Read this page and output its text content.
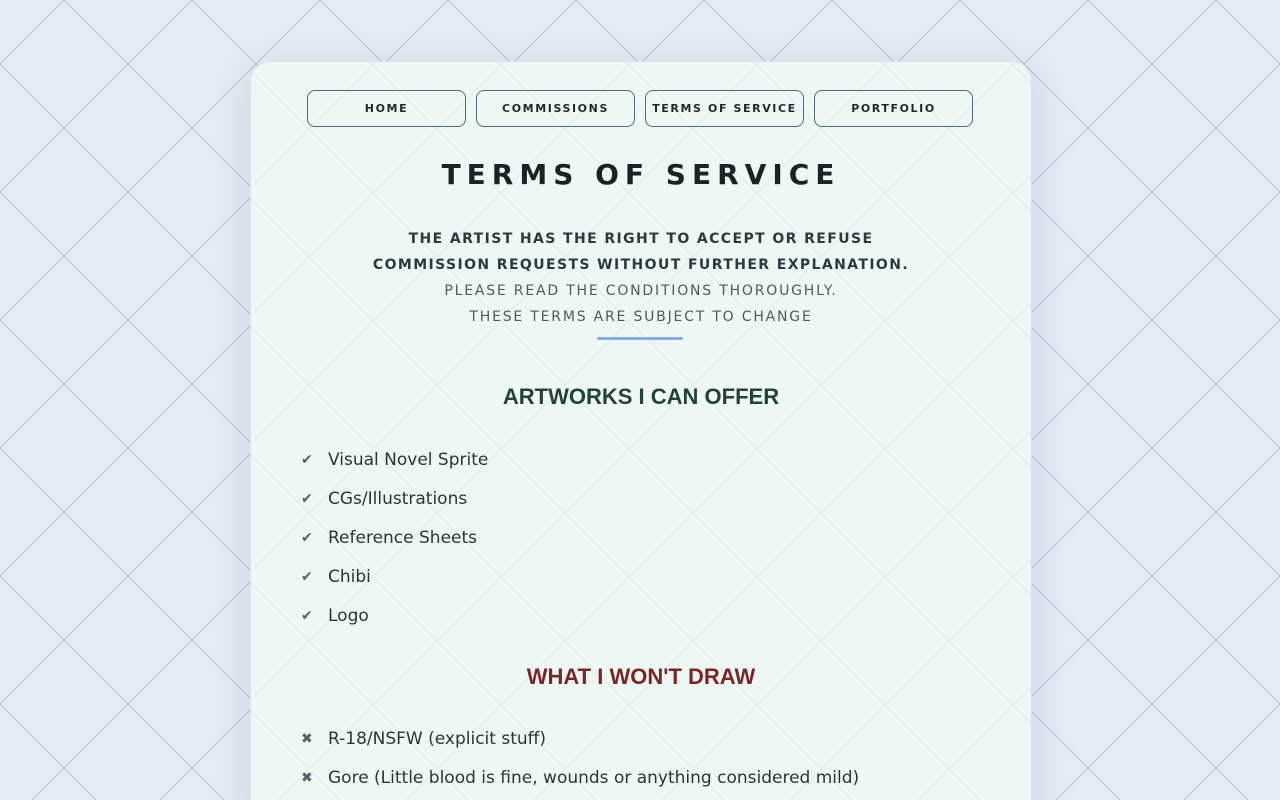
HOME	COMMISSIONS	TERMS OF SERVICE	PORTFOLIO
TERMS OF SERVICE
THE ARTIST HAS THE RIGHT TO ACCEPT OR REFUSE
COMMISSION REQUESTS WITHOUT FURTHER EXPLANATION.
PLEASE READ THE CONDITIONS THOROUGHLY.
THESE TERMS ARE SUBJECT TO CHANGE
ARTWORKS I CAN OFFER
✔ Visual Novel Sprite
✔ CGs/Illustrations
✔ Reference Sheets
✔ Chibi
✔ Logo
WHAT I WON'T DRAW
✖ R-18/NSFW (explicit stuff)
✖ Gore (Little blood is fine, wounds or anything considered mild)
